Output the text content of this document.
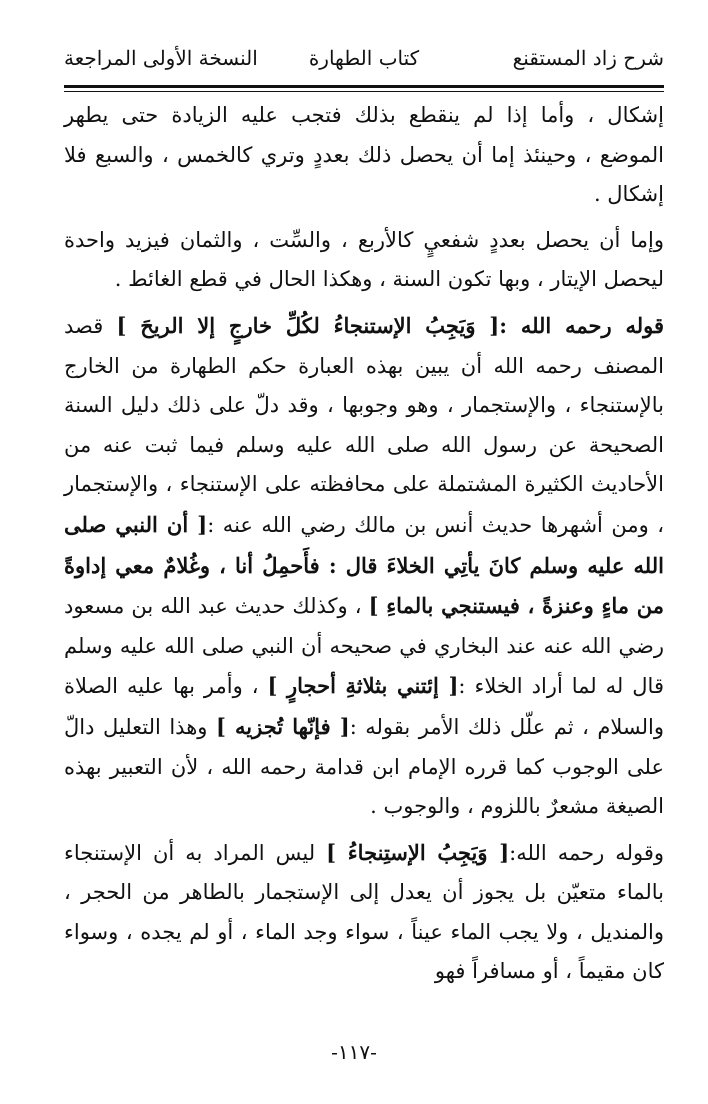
شرح زاد المستقنع
كتاب الطهارة
النسخة الأولى المراجعة

إشكال ، وأما إذا لم ينقطع بذلك فتجب عليه الزيادة حتى يطهر الموضع ، وحينئذ إما أن يحصل ذلك بعددٍ وتري كالخمس ، والسبع فلا إشكال .

وإما أن يحصل بعددٍ شفعيٍ كالأربع ، والسِّت ، والثمان فيزيد واحدة ليحصل الإيتار ، وبها تكون السنة ، وهكذا الحال في قطع الغائط .

قوله رحمه الله :[ وَيَجِبُ الإستنجاءُ لكُلِّ خارجٍ إلا الريحَ ] قصد المصنف رحمه الله أن يبين بهذه العبارة حكم الطهارة من الخارج بالإستنجاء ، والإستجمار ، وهو وجوبها ، وقد دلّ على ذلك دليل السنة الصحيحة عن رسول الله صلى الله عليه وسلم فيما ثبت عنه من الأحاديث الكثيرة المشتملة على محافظته على الإستنجاء ، والإستجمار ، ومن أشهرها حديث أنس بن مالك رضي الله عنه :[ أن النبي صلى الله عليه وسلم كانَ يأتِي الخلاءَ قال : فأَحمِلُ أنا ، وغُلامٌ معي إداوةً من ماءٍ وعنزةً ، فيستنجي بالماءِ ] ، وكذلك حديث عبد الله بن مسعود رضي الله عنه عند البخاري في صحيحه أن النبي صلى الله عليه وسلم قال له لما أراد الخلاء :[ إئتني بثلاثةِ أحجارٍ ] ، وأمر بها عليه الصلاة والسلام ، ثم علّل ذلك الأمر بقوله :[ فإنّها تُجزيه ] وهذا التعليل دالّ على الوجوب كما قرره الإمام ابن قدامة رحمه الله ، لأن التعبير بهذه الصيغة مشعرٌ باللزوم ، والوجوب .

وقوله رحمه الله:[ وَيَجِبُ الإستِنجاءُ ] ليس المراد به أن الإستنجاء بالماء متعيّن بل يجوز أن يعدل إلى الإستجمار بالطاهر من الحجر ، والمنديل ، ولا يجب الماء عيناً ، سواء وجد الماء ، أو لم يجده ، وسواء كان مقيماً ، أو مسافراً فهو

-١١٧-
